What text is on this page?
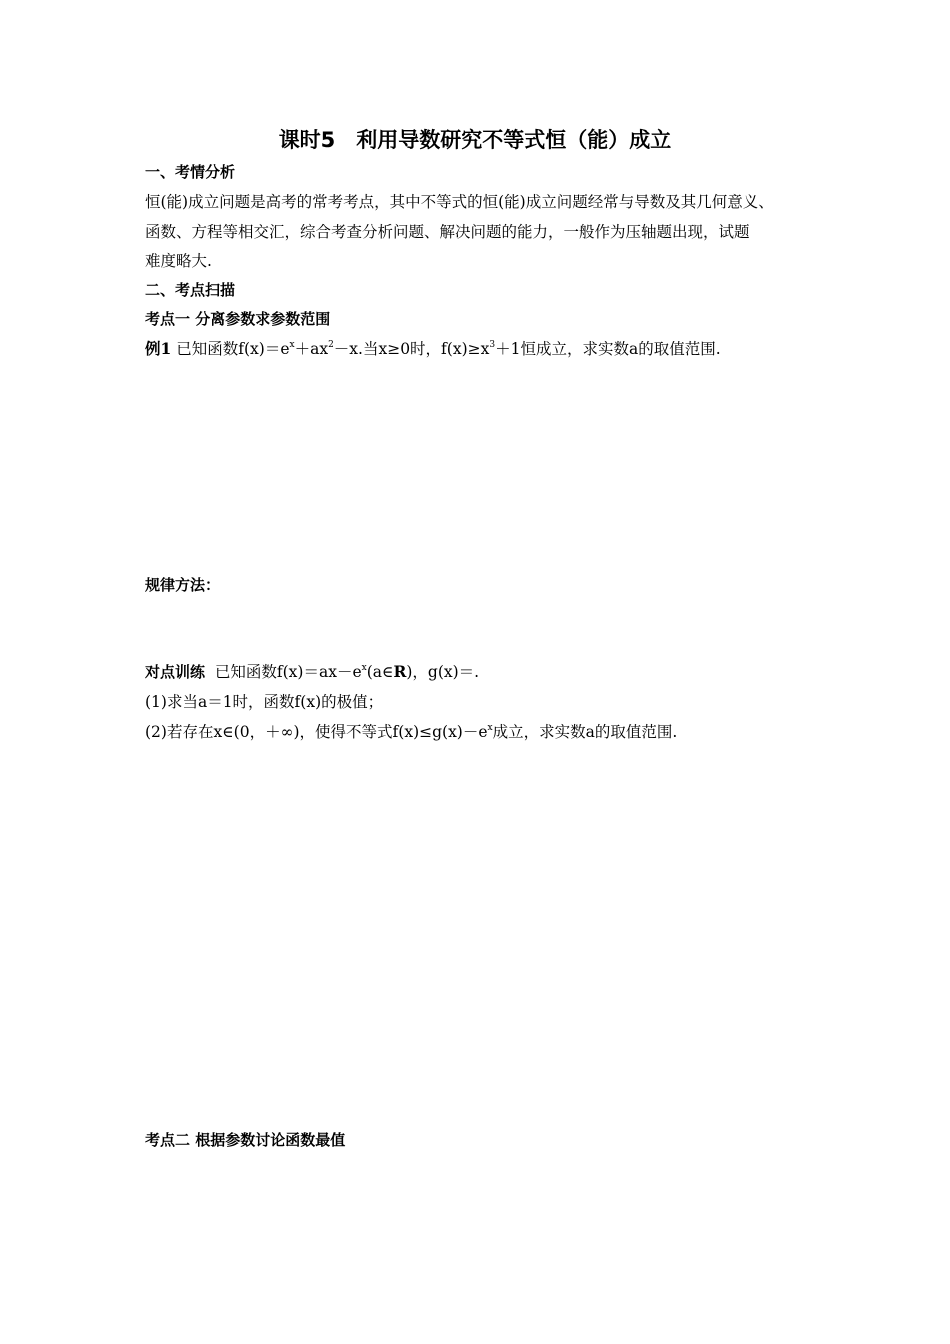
课时5　利用导数研究不等式恒（能）成立
一、考情分析
恒(能)成立问题是高考的常考考点，其中不等式的恒(能)成立问题经常与导数及其几何意义、
函数、方程等相交汇，综合考查分析问题、解决问题的能力，一般作为压轴题出现，试题
难度略大.
二、考点扫描
考点一 分离参数求参数范围
例1 已知函数$f(x)=e^x+ax^2-x$.当x≥0时，$f(x)\ge x^3+1$恒成立，求实数a的取值范围.
规律方法：
对点训练 已知函数$f(x)=ax-e^x(a\in R)$，g(x)＝.
(1)求当a＝1时，函数f(x)的极值；
(2)若存在x∈(0，＋∞)，使得不等式$f(x)\le g(x)-e^x$成立，求实数a的取值范围.
考点二 根据参数讨论函数最值
